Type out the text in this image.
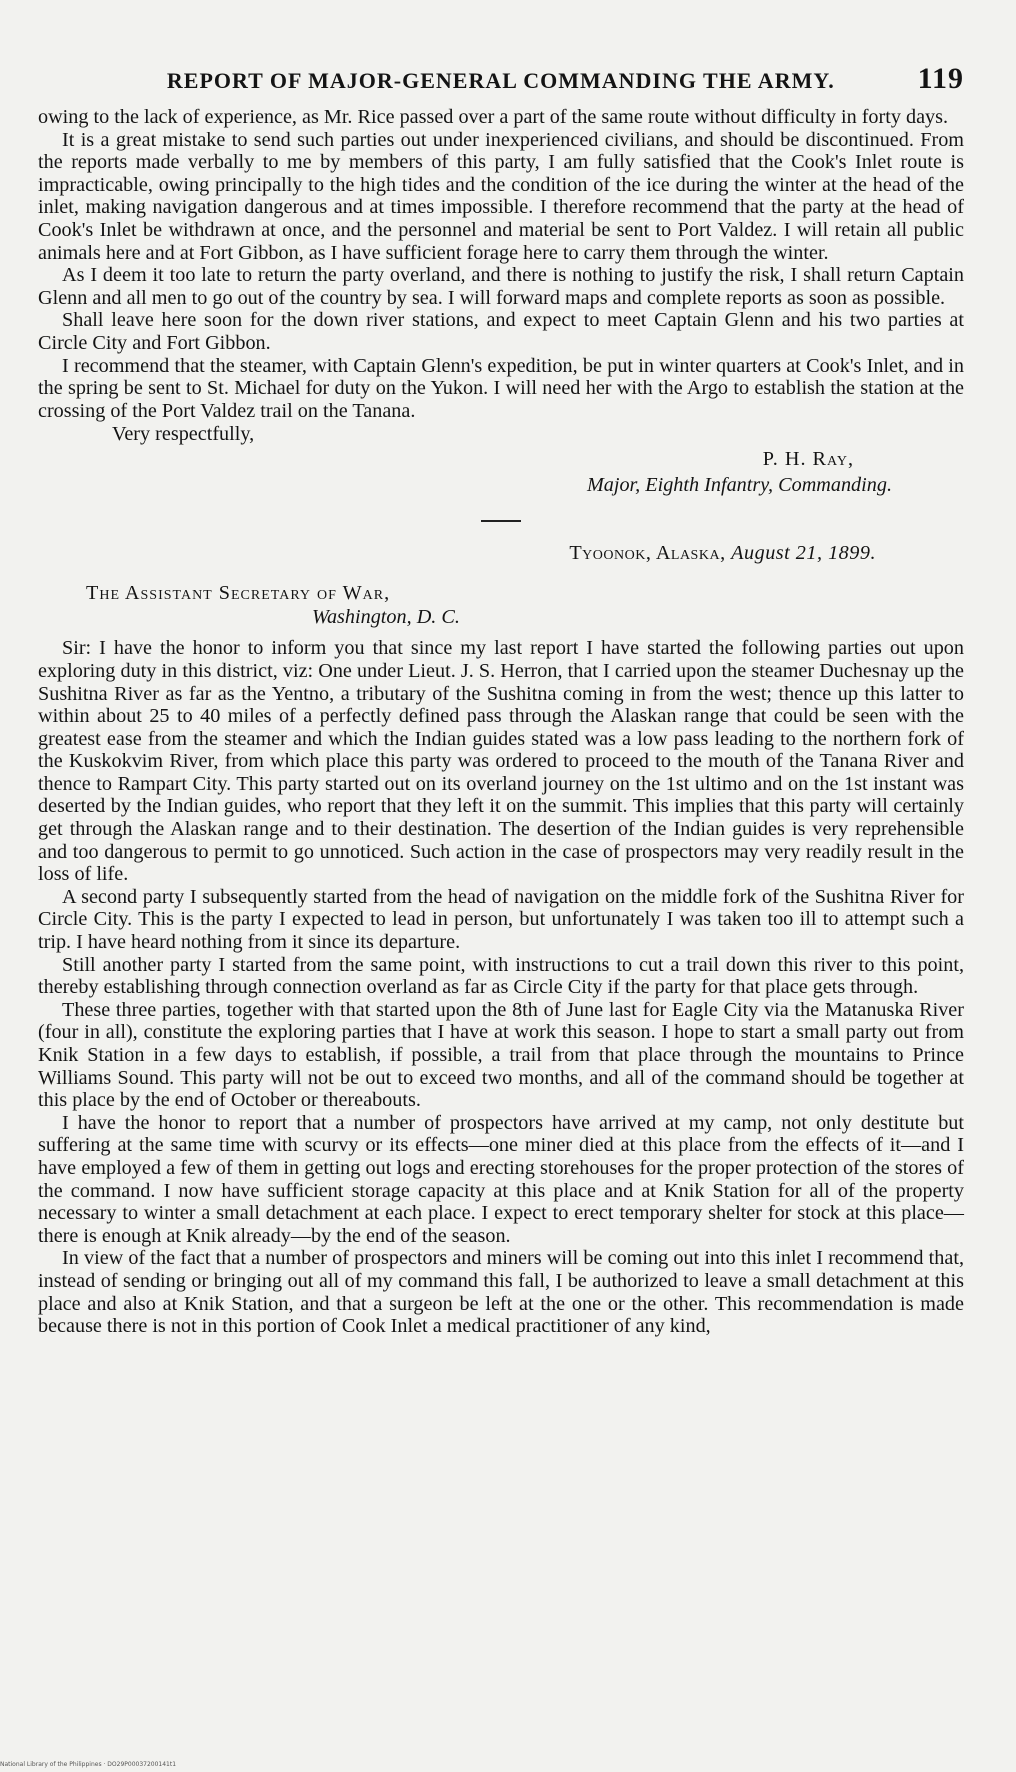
REPORT OF MAJOR-GENERAL COMMANDING THE ARMY.	119

owing to the lack of experience, as Mr. Rice passed over a part of the same route without difficulty in forty days.

It is a great mistake to send such parties out under inexperienced civilians, and should be discontinued. From the reports made verbally to me by members of this party, I am fully satisfied that the Cook's Inlet route is impracticable, owing principally to the high tides and the condition of the ice during the winter at the head of the inlet, making navigation dangerous and at times impossible. I therefore recommend that the party at the head of Cook's Inlet be withdrawn at once, and the personnel and material be sent to Port Valdez. I will retain all public animals here and at Fort Gibbon, as I have sufficient forage here to carry them through the winter.

As I deem it too late to return the party overland, and there is nothing to justify the risk, I shall return Captain Glenn and all men to go out of the country by sea. I will forward maps and complete reports as soon as possible.

Shall leave here soon for the down river stations, and expect to meet Captain Glenn and his two parties at Circle City and Fort Gibbon.

I recommend that the steamer, with Captain Glenn's expedition, be put in winter quarters at Cook's Inlet, and in the spring be sent to St. Michael for duty on the Yukon. I will need her with the Argo to establish the station at the crossing of the Port Valdez trail on the Tanana.

Very respectfully,
P. H. Ray,
Major, Eighth Infantry, Commanding.
Tyoonok, Alaska, August 21, 1899.
The Assistant Secretary of War,
Washington, D. C.

Sir: I have the honor to inform you that since my last report I have started the following parties out upon exploring duty in this district, viz: One under Lieut. J. S. Herron, that I carried upon the steamer Duchesnay up the Sushitna River as far as the Yentno, a tributary of the Sushitna coming in from the west; thence up this latter to within about 25 to 40 miles of a perfectly defined pass through the Alaskan range that could be seen with the greatest ease from the steamer and which the Indian guides stated was a low pass leading to the northern fork of the Kuskokvim River, from which place this party was ordered to proceed to the mouth of the Tanana River and thence to Rampart City. This party started out on its overland journey on the 1st ultimo and on the 1st instant was deserted by the Indian guides, who report that they left it on the summit. This implies that this party will certainly get through the Alaskan range and to their destination. The desertion of the Indian guides is very reprehensible and too dangerous to permit to go unnoticed. Such action in the case of prospectors may very readily result in the loss of life.

A second party I subsequently started from the head of navigation on the middle fork of the Sushitna River for Circle City. This is the party I expected to lead in person, but unfortunately I was taken too ill to attempt such a trip. I have heard nothing from it since its departure.

Still another party I started from the same point, with instructions to cut a trail down this river to this point, thereby establishing through connection overland as far as Circle City if the party for that place gets through.

These three parties, together with that started upon the 8th of June last for Eagle City via the Matanuska River (four in all), constitute the exploring parties that I have at work this season. I hope to start a small party out from Knik Station in a few days to establish, if possible, a trail from that place through the mountains to Prince Williams Sound. This party will not be out to exceed two months, and all of the command should be together at this place by the end of October or thereabouts.

I have the honor to report that a number of prospectors have arrived at my camp, not only destitute but suffering at the same time with scurvy or its effects—one miner died at this place from the effects of it—and I have employed a few of them in getting out logs and erecting storehouses for the proper protection of the stores of the command. I now have sufficient storage capacity at this place and at Knik Station for all of the property necessary to winter a small detachment at each place. I expect to erect temporary shelter for stock at this place—there is enough at Knik already—by the end of the season.

In view of the fact that a number of prospectors and miners will be coming out into this inlet I recommend that, instead of sending or bringing out all of my command this fall, I be authorized to leave a small detachment at this place and also at Knik Station, and that a surgeon be left at the one or the other. This recommendation is made because there is not in this portion of Cook Inlet a medical practitioner of any kind,

National Library of the Philippines · DO29P00037200141t1
